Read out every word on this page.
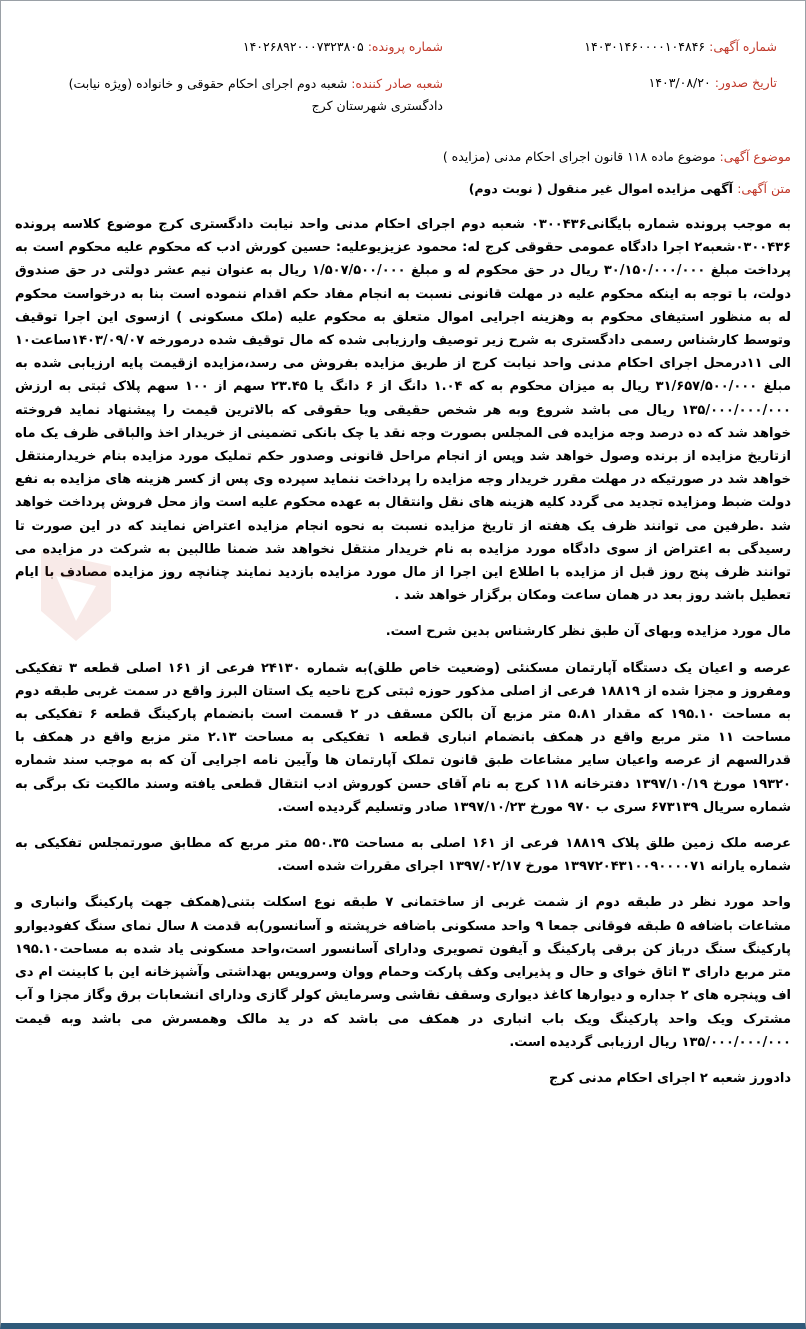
شماره آگهی: ۱۴۰۳۰۱۴۶۰۰۰۰۱۰۴۸۴۶
شماره پرونده: ۱۴۰۲۶۸۹۲۰۰۰۷۳۲۳۸۰۵
تاریخ صدور: ۱۴۰۳/۰۸/۲۰
شعبه صادر کننده: شعبه دوم اجرای احکام حقوقی و خانواده (ویژه نیابت) دادگستری شهرستان کرج
موضوع آگهی: موضوع ماده ۱۱۸ قانون اجرای احکام مدنی (مزایده )
متن آگهی: آگهی مزایده اموال غیر منقول ( نوبت دوم)

به موجب پرونده شماره بایگانی۰۳۰۰۴۳۶ شعبه دوم اجرای احکام مدنی واحد نیابت دادگستری کرج موضوع کلاسه پرونده ۰۳۰۰۴۳۶شعبه۲ اجرا دادگاه عمومی حقوقی کرج له: محمود عزیزیوعلیه: حسین کورش ادب که محکوم علیه محکوم است به پرداخت مبلغ ۳۰/۱۵۰/۰۰۰/۰۰۰ ریال در حق محکوم له و مبلغ ۱/۵۰۷/۵۰۰/۰۰۰ ریال به عنوان نیم عشر دولتی در حق صندوق دولت، با توجه به اینکه محکوم علیه در مهلت قانونی نسبت به انجام مفاد حکم اقدام ننموده است بنا به درخواست محکوم له به منظور استیفای محکوم به وهزینه اجرایی اموال متعلق به محکوم علیه (ملک مسکونی ) ازسوی این اجرا توقیف وتوسط کارشناس رسمی دادگستری به شرح زیر توصیف وارزیابی شده که مال توقیف شده درمورخه ۱۴۰۳/۰۹/۰۷ساعت۱۰ الی ۱۱درمحل اجرای احکام مدنی واحد نیابت کرج از طریق مزایده بفروش می رسد،مزایده ازقیمت پایه ارزیابی شده به مبلغ ۳۱/۶۵۷/۵۰۰/۰۰۰ ریال به میزان محکوم به که ۱.۰۴ دانگ از ۶ دانگ یا ۲۳.۴۵ سهم از ۱۰۰ سهم پلاک ثبتی به ارزش ۱۳۵/۰۰۰/۰۰۰/۰۰۰ ریال می باشد شروع وبه هر شخص حقیقی ویا حقوقی که بالاترین قیمت را پیشنهاد نماید فروخته خواهد شد که ده درصد وجه مزایده فی المجلس بصورت وجه نقد یا چک بانکی تضمینی از خریدار اخذ والباقی ظرف یک ماه ازتاریخ مزایده از برنده وصول خواهد شد وپس از انجام مراحل قانونی وصدور حکم تملیک مورد مزایده بنام خریدارمنتقل خواهد شد در صورتیکه در مهلت مقرر خریدار وجه مزایده را پرداخت ننماید سپرده وی پس از کسر هزینه های مزایده به نفع دولت ضبط ومزایده تجدید می گردد کلیه هزینه های نقل وانتقال به عهده محکوم علیه است واز محل فروش پرداخت خواهد شد .طرفین می توانند ظرف یک هفته از تاریخ مزایده نسبت به نحوه انجام مزایده اعتراض نمایند که در این صورت تا رسیدگی به اعتراض از سوی دادگاه مورد مزایده به نام خریدار منتقل نخواهد شد ضمنا طالبین به شرکت در مزایده می توانند ظرف پنج روز قبل از مزایده با اطلاع این اجرا از مال مورد مزایده بازدید نمایند چنانچه روز مزایده مصادف با ایام تعطیل باشد روز بعد در همان ساعت ومکان برگزار خواهد شد .

مال مورد مزایده وبهای آن طبق نظر کارشناس بدین شرح است.

عرصه و اعیان یک دستگاه آپارتمان مسکنئی (وضعیت خاص طلق)به شماره ۲۴۱۳۰ فرعی از ۱۶۱ اصلی قطعه ۳ تفکیکی ومفروز و مجزا شده از ۱۸۸۱۹ فرعی از اصلی مذکور حوزه ثبتی کرج ناحیه یک استان البرز واقع در سمت غربی طبقه دوم به مساحت ۱۹۵.۱۰ که مقدار ۵.۸۱ متر مزبع آن بالکن مسقف در ۲ قسمت است بانضمام پارکینگ قطعه ۶ تفکیکی به مساحت ۱۱ متر مربع واقع در همکف بانضمام انباری قطعه ۱ تفکیکی به مساحت ۲.۱۳ متر مزبع واقع در همکف با قدرالسهم از عرصه واعیان سایر مشاعات طبق قانون تملک آپارتمان ها وآیین نامه اجرایی آن که به موجب سند شماره ۱۹۳۲۰ مورخ ۱۳۹۷/۱۰/۱۹ دفترخانه ۱۱۸ کرج به نام آقای حسن کوروش ادب انتقال قطعی یافته وسند مالکیت تک برگی به شماره سریال ۶۷۳۱۳۹ سری ب ۹۷۰ مورخ ۱۳۹۷/۱۰/۲۳ صادر وتسلیم گردیده است.

عرصه ملک زمین طلق پلاک ۱۸۸۱۹ فرعی از ۱۶۱ اصلی به مساحت ۵۵۰.۳۵ متر مربع که مطابق صورتمجلس تفکیکی به شماره یارانه ۱۳۹۷۲۰۴۳۱۰۰۹۰۰۰۰۷۱ مورخ ۱۳۹۷/۰۲/۱۷ اجرای مقررات شده است.

واحد مورد نظر در طبقه دوم از شمت غربی از ساختمانی ۷ طبقه نوع اسکلت بتنی(همکف جهت پارکینگ وانباری و مشاعات باضافه ۵ طبقه فوقانی جمعا ۹ واحد مسکونی باضافه خرپشته و آسانسور)به قدمت ۸ سال نمای سنگ کفودیوارو پارکینگ سنگ درباز کن برقی پارکینگ و آیفون تصویری ودارای آسانسور است،واحد مسکونی یاد شده به مساحت۱۹۵.۱۰ متر مربع دارای ۳ اتاق خوای و حال و پذیرایی وکف پارکت وحمام ووان وسرویس بهداشتی وآشپزخانه این با کابینت ام دی اف وپنجره های ۲ جداره و دیوارها کاغذ دیواری وسقف نقاشی وسرمایش کولر گازی ودارای انشعابات برق وگاز مجزا و آب مشترک ویک واحد پارکینگ ویک باب انباری در همکف می باشد که در ید مالک وهمسرش می باشد وبه قیمت ۱۳۵/۰۰۰/۰۰۰/۰۰۰ ریال ارزیابی گردیده است.

دادورز شعبه ۲ اجرای احکام مدنی کرج
